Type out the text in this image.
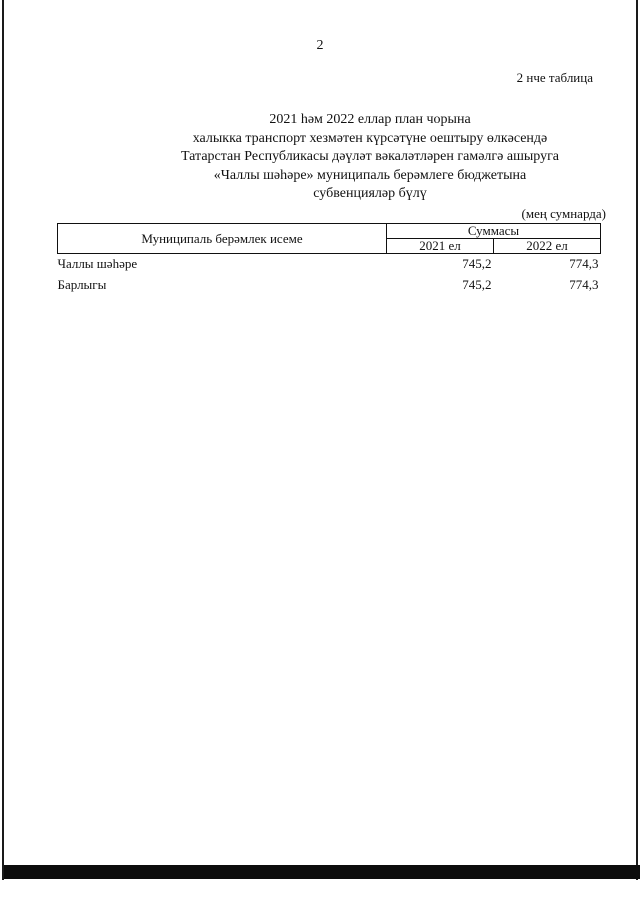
2
2 нче таблица
2021 һәм 2022 еллар план чорына
халыкка транспорт хезмәтен күрсәтүне оештыру өлкәсендә
Татарстан Республикасы дәүләт вәкаләтләрен гамәлгә ашыруга
«Чаллы шәһәре» муниципаль берәмлеге бюджетына
субвенцияләр бүлү
(мең сумнарда)
Муниципаль берәмлек исеме	Суммасы	
	2021 ел	2022 ел
Чаллы шәһәре	745,2	774,3
Барлыгы	745,2	774,3
